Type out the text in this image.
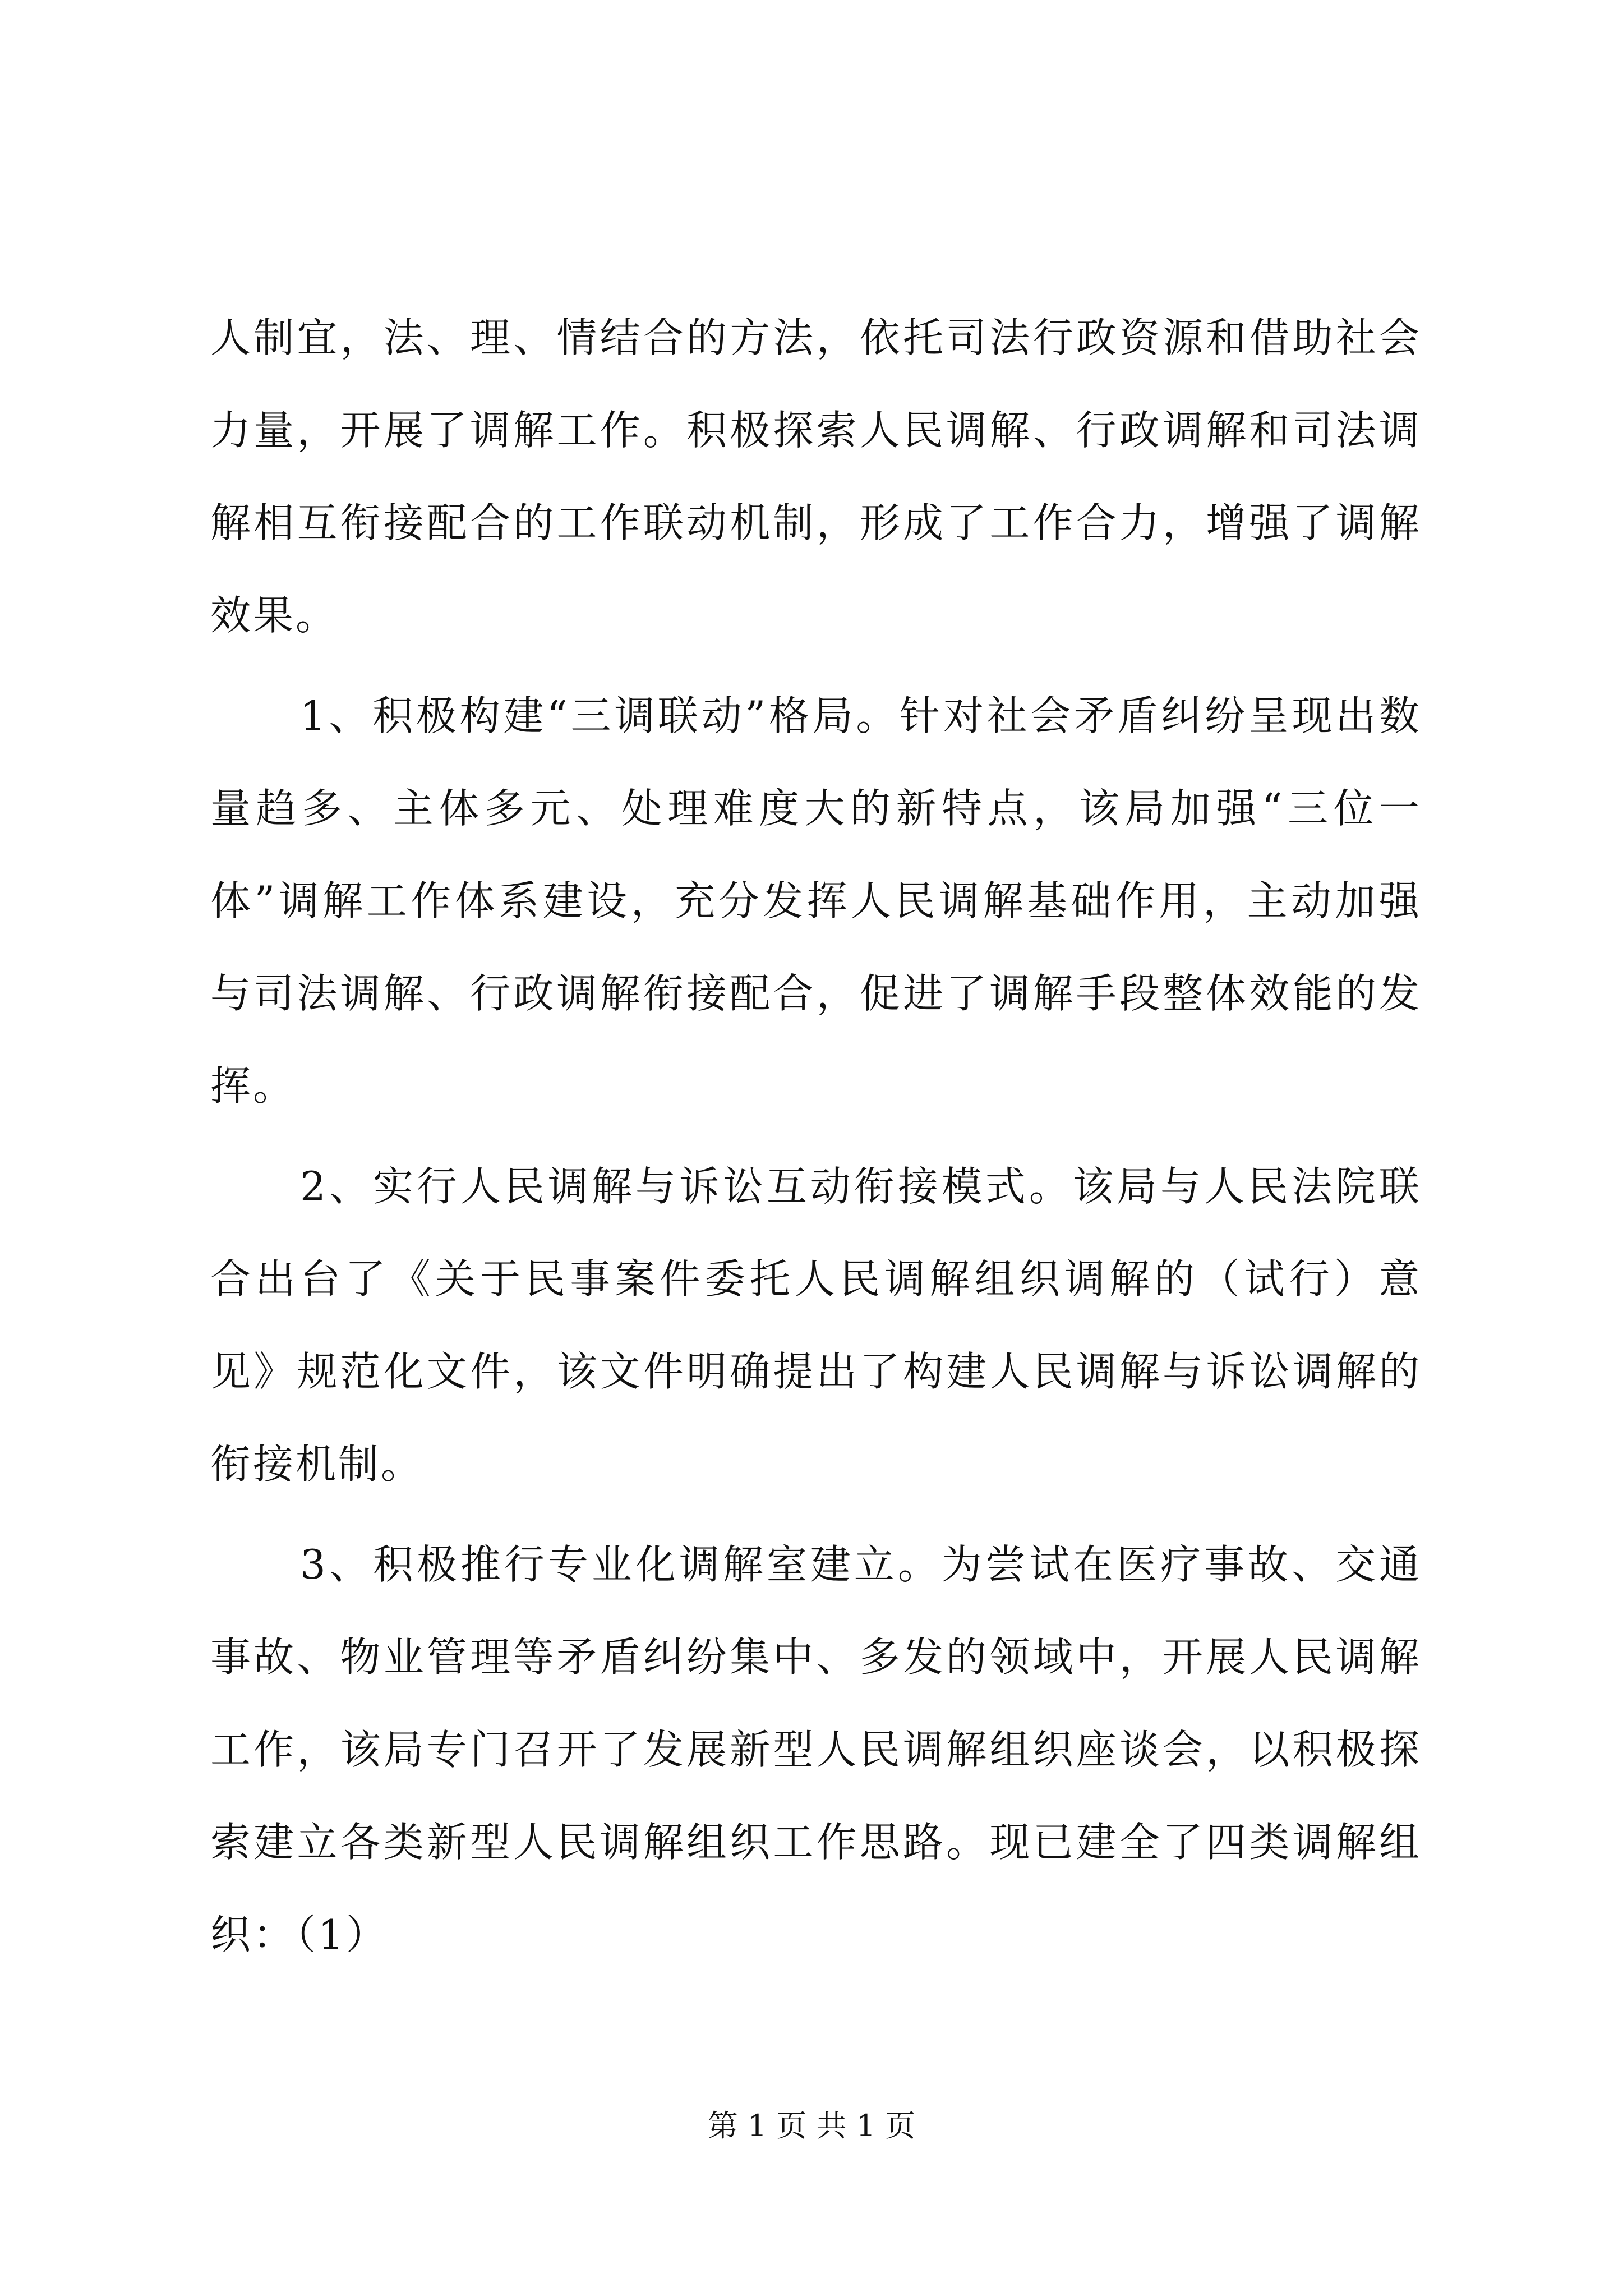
人制宜，法、理、情结合的方法，依托司法行政资源和借助社会力量，开展了调解工作。积极探索人民调解、行政调解和司法调解相互衔接配合的工作联动机制，形成了工作合力，增强了调解效果。

1、积极构建“三调联动”格局。针对社会矛盾纠纷呈现出数量趋多、主体多元、处理难度大的新特点，该局加强“三位一体”调解工作体系建设，充分发挥人民调解基础作用，主动加强与司法调解、行政调解衔接配合，促进了调解手段整体效能的发挥。

2、实行人民调解与诉讼互动衔接模式。该局与人民法院联合出台了《关于民事案件委托人民调解组织调解的（试行）意见》规范化文件，该文件明确提出了构建人民调解与诉讼调解的衔接机制。

3、积极推行专业化调解室建立。为尝试在医疗事故、交通事故、物业管理等矛盾纠纷集中、多发的领域中，开展人民调解工作，该局专门召开了发展新型人民调解组织座谈会，以积极探索建立各类新型人民调解组织工作思路。现已建全了四类调解组织：（1）

第 1 页 共 1 页
